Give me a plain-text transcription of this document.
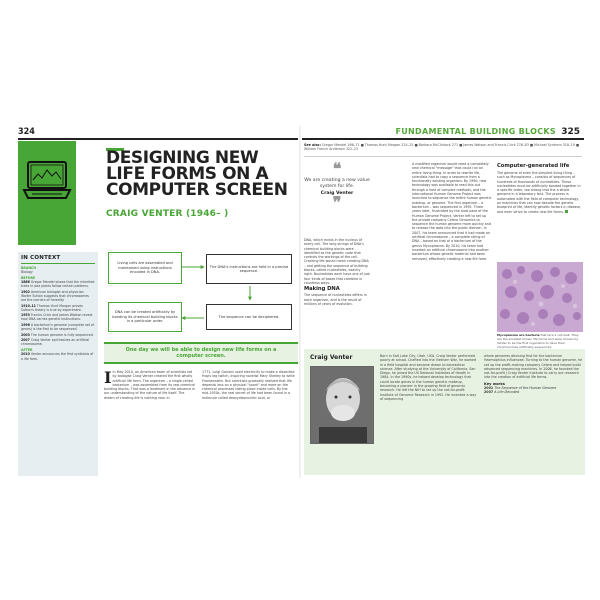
324	FUNDAMENTAL BUILDING BLOCKS 325
DESIGNING NEW LIFE FORMS ON A COMPUTER SCREEN
CRAIG VENTER (1946– )
IN CONTEXT
BRANCH
Biology
BEFORE
1866 Gregor Mendel shows that the inherited traits in pea plants follow certain patterns.
1902 American biologist and physician Walter Sutton suggests that chromosomes are the carriers of heredity.
1910–11 Thomas Hunt Morgan proves Sutton's theory is true by experiment.
1953 Francis Crick and James Watson reveal how DNA carries genetic instructions.
1996 A bacterium's genome (complete set of genes) is the first to be sequenced.
2003 The human genome is fully sequenced.
2007 Craig Venter synthesizes an artificial chromosome.
AFTER
2010 Venter announces the first synthesis of a life form.
Living cells are assembled and maintained using instructions encoded in DNA.
The DNA's instructions are held in a precise sequence.
DNA can be created artificially by bonding its chemical building blocks in a particular order.
The sequence can be deciphered.
One day we will be able to design new life forms on a computer screen.
I In May 2010, an American team of scientists led by biologist Craig Venter created the first wholly artificial life form. The organism – a single-celled bacterium – was assembled from its raw chemical building blocks. That was a landmark in the advance in our understanding of the nature of life itself. The dream of creating life is nothing new. In
1771, Luigi Galvani used electricity to make a dissected frog's leg twitch, inspiring novelist Mary Shelley to write Frankenstein. But scientists gradually realized that life depends less on a physical "spark" and more on the chemical processes taking place inside cells. By the mid-1950s, the real secret of life had been found in a molecule called deoxyribonucleic acid, or
See also: Gregor Mendel 166–71 ■ Thomas Hunt Morgan 224–25 ■ Barbara McClintock 271 ■ James Watson and Francis Crick 276–83 ■ Michael Syntrom 318–19 ■ William French Anderson 322–23
❝
We are creating a new value system for life.
Craig Venter
❞
DNA, which exists in the nucleus of every cell. The long strings of DNA's chemical building blocks were identified as the genetic code that controls the workings of the cell. Cracking life would mean creating DNA – and getting the sequence of building blocks, called nucleotides, exactly right. Nucleotides each have one of just four kinds of bases that combine in countless ways.
Making DNA
The sequence of nucleotides differs in each organism, and is the result of millions of years of evolution.
A modified organism would need a completely new chemical "message" that could run an entire living thing. In order to rewrite life, scientists had to copy a sequence from a functionally existing organism. By 1990, new technology was available to read this out through a host of complex methods, and the international Human Genome Project was launched to sequence the entire human genetic makeup, or genome. The first organism – a bacterium – was sequenced in 1995. Three years later, frustrated by the slow pace of the Human Genome Project, Venter left to set up the private company Celera Genomics to sequence the human genome more quickly and to release the data into the public domain. In 2007, his team announced that it had made an artificial chromosome – a complete string of DNA – based on that of a bacterium of the genus Mycoplasma. By 2010, his team had inserted an artificial chromosome into another bacterium whose genetic material had been removed, effectively creating a new life form.
Computer-generated life
The genome of even the simplest living thing – such as Mycoplasma – consists of sequences of hundreds of thousands of nucleotides. These nucleotides must be artificially bonded together in a specific order, too strong that the a whole genome in a laboratory test. The process is automated with the field of computer technology, on machines that can now decode the genetic blueprint of life, identify genetic factors in disease, and even strive to create new life forms.
Mycoplasma are bacteria that lack a cell wall. They are the smallest known life forms and were chosen by Venter to be the first organisms to have their chromosomes artificially sequenced.
Craig Venter	Born in Salt Lake City, Utah, USA, Craig Venter performed poorly at school. Drafted into the Vietnam War, he worked in a field hospital and became drawn to biomedical science. After studying at the University of California, San Diego, he joined the US National Institutes of Health in 1984. In the 1990s, he helped develop technology that could locate genes in the human genetic makeup, becoming a pioneer in the growing field of genomic research. He left the NIH to set up the not-for-profit Institute of Genomic Research in 1992. He invented a way of sequencing
whole genomes devising first for the bacterium Haemophilus influenzae. Turning to the human genome, he set up the profit-making company Celera and helped build advanced sequencing machines. In 2006, he founded the not-for-profit J Craig Venter Institute to carry out research into the creation of artificial life forms.
Key works
2001 The Sequence of the Human Genome
2007 A Life Decoded
